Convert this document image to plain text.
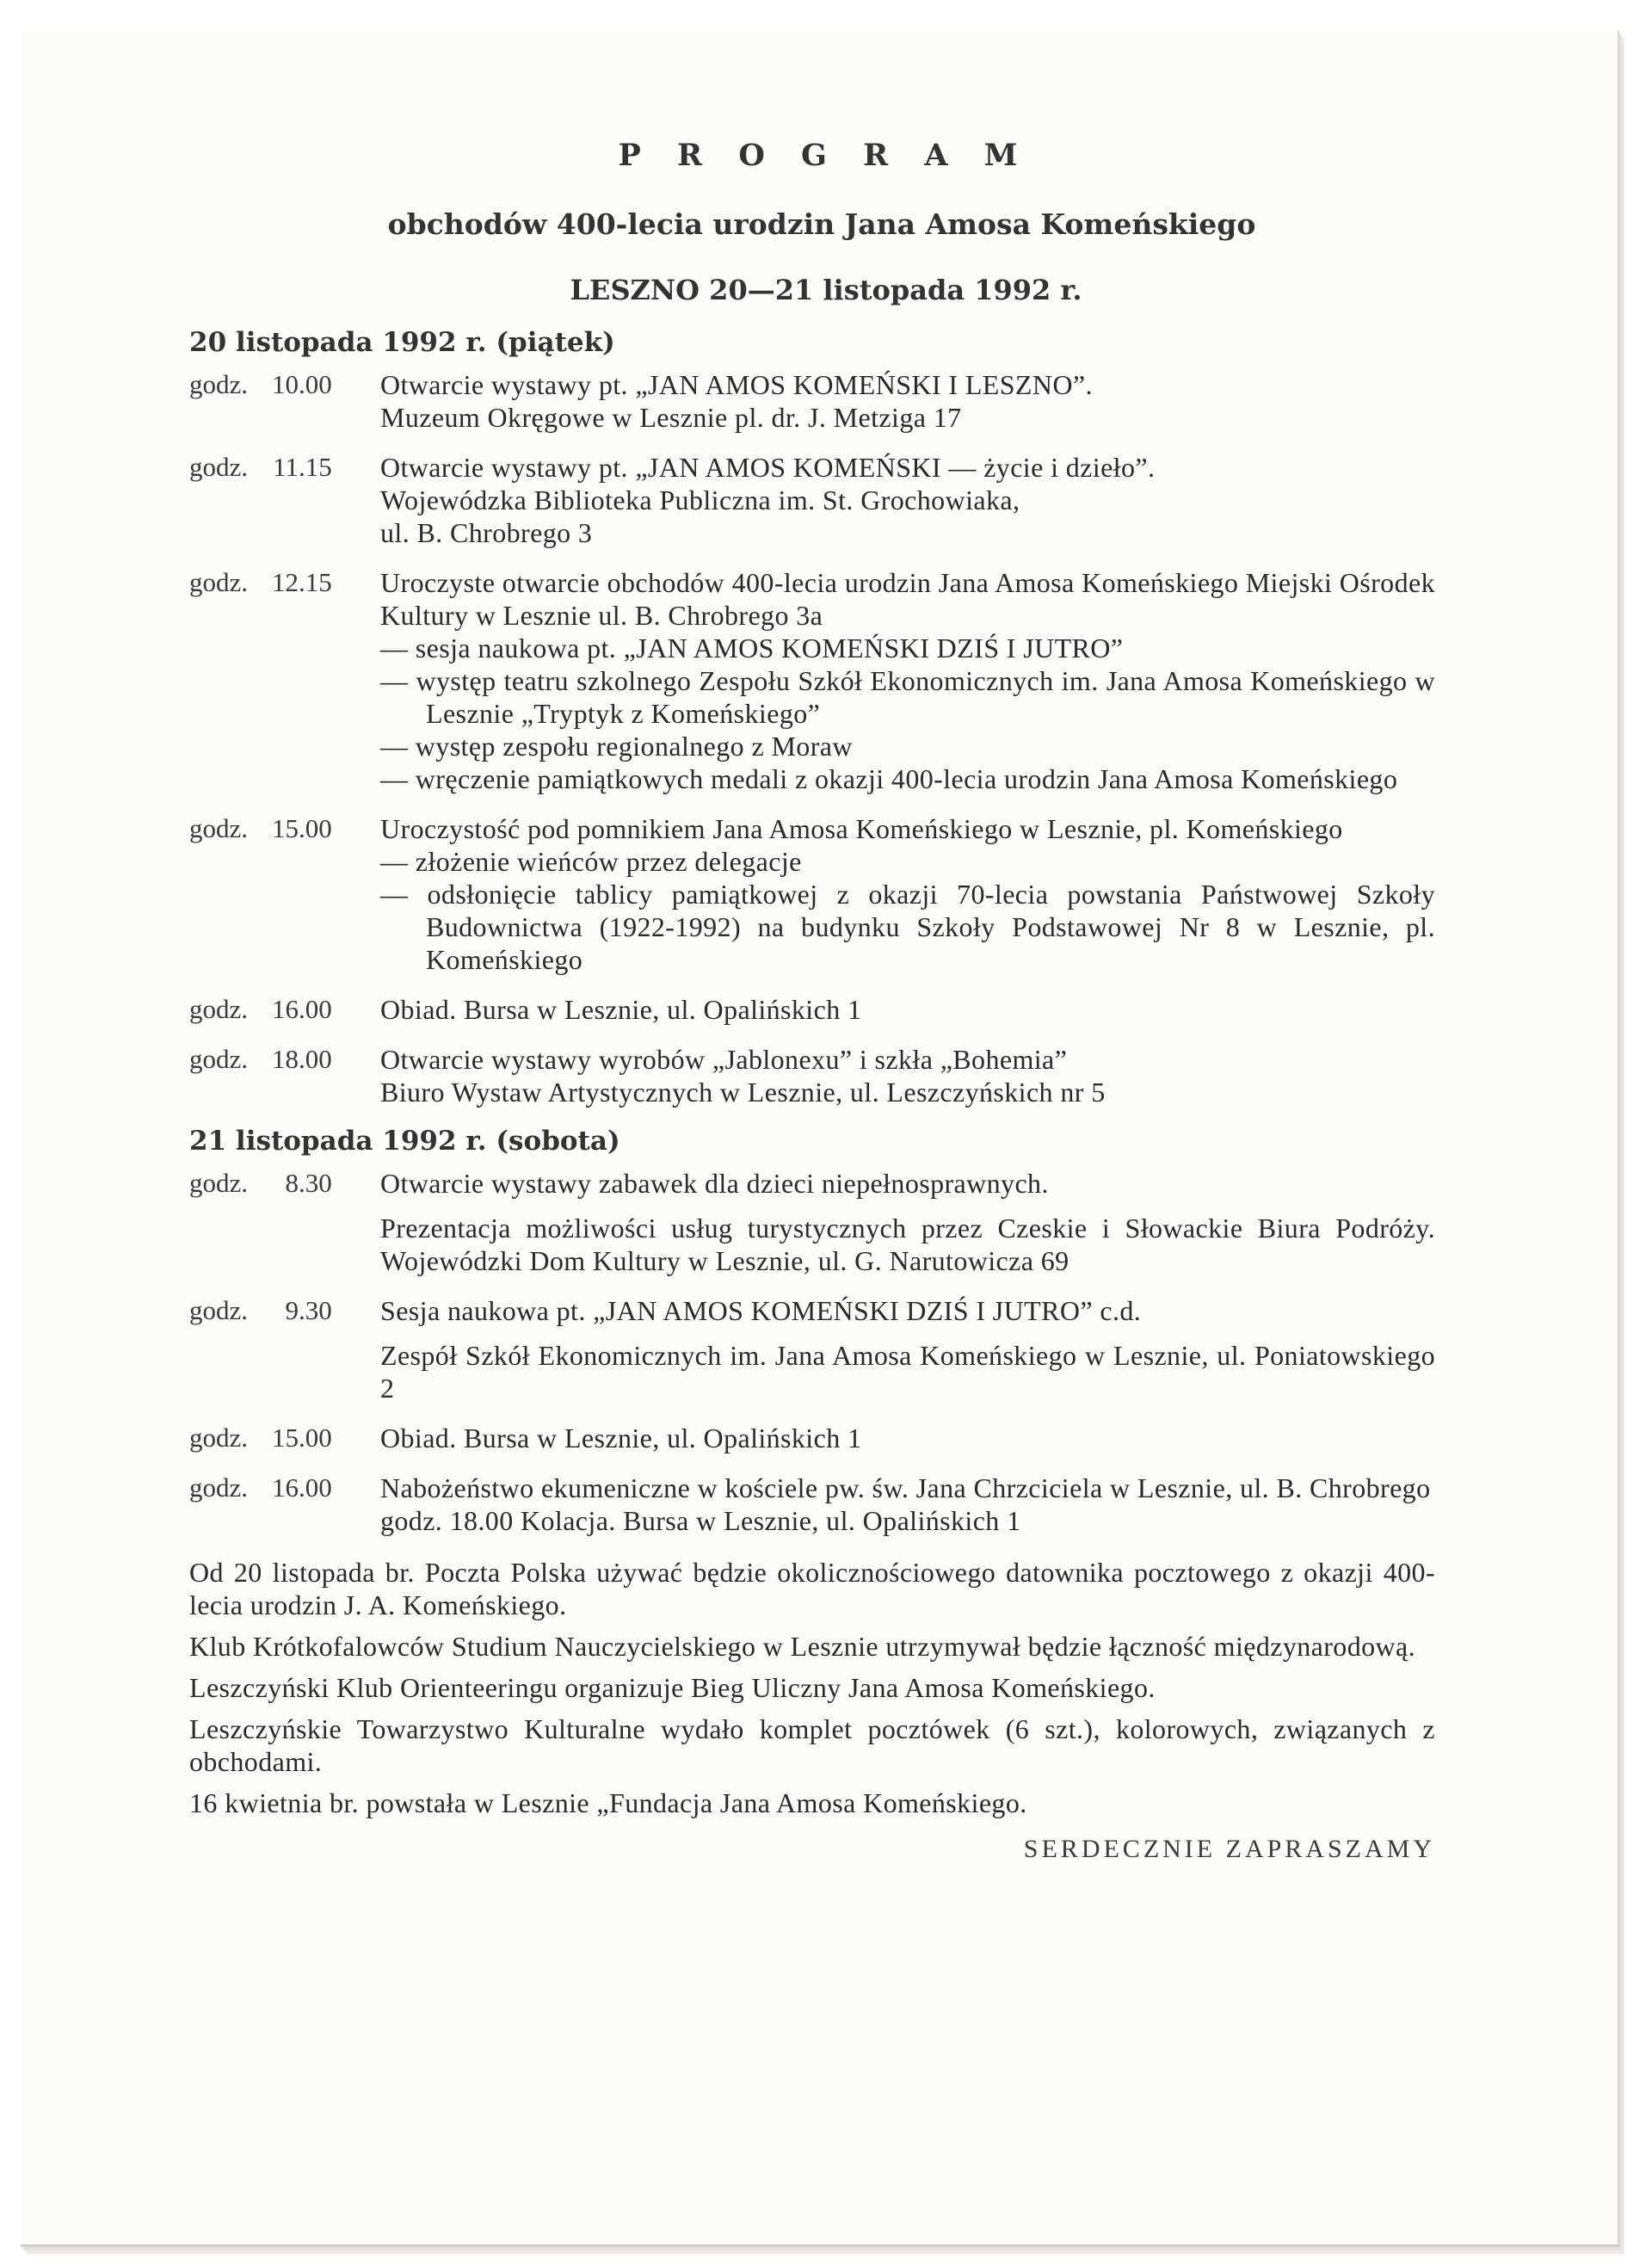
P R O G R A M
obchodów 400-lecia urodzin Jana Amosa Komeńskiego
LESZNO 20—21 listopada 1992 r.
20 listopada 1992 r. (piątek)
godz. 10.00	Otwarcie wystawy pt. „JAN AMOS KOMEŃSKI I LESZNO”.
Muzeum Okręgowe w Lesznie pl. dr. J. Metziga 17
godz. 11.15	Otwarcie wystawy pt. „JAN AMOS KOMEŃSKI — życie i dzieło”.
Wojewódzka Biblioteka Publiczna im. St. Grochowiaka,
ul. B. Chrobrego 3
godz. 12.15	Uroczyste otwarcie obchodów 400-lecia urodzin Jana Amosa Komeńskiego Miejski Ośrodek Kultury w Lesznie ul. B. Chrobrego 3a
— sesja naukowa pt. „JAN AMOS KOMEŃSKI DZIŚ I JUTRO”
— występ teatru szkolnego Zespołu Szkół Ekonomicznych im. Jana Amosa Komeńskiego w Lesznie „Tryptyk z Komeńskiego”
— występ zespołu regionalnego z Moraw
— wręczenie pamiątkowych medali z okazji 400-lecia urodzin Jana Amosa Komeńskiego
godz. 15.00	Uroczystość pod pomnikiem Jana Amosa Komeńskiego w Lesznie, pl. Komeńskiego
— złożenie wieńców przez delegacje
— odsłonięcie tablicy pamiątkowej z okazji 70-lecia powstania Państwowej Szkoły Budownictwa (1922-1992) na budynku Szkoły Podstawowej Nr 8 w Lesznie, pl. Komeńskiego
godz. 16.00	Obiad. Bursa w Lesznie, ul. Opalińskich 1
godz. 18.00	Otwarcie wystawy wyrobów „Jablonexu” i szkła „Bohemia”
Biuro Wystaw Artystycznych w Lesznie, ul. Leszczyńskich nr 5
21 listopada 1992 r. (sobota)
godz. 8.30	Otwarcie wystawy zabawek dla dzieci niepełnosprawnych.
Prezentacja możliwości usług turystycznych przez Czeskie i Słowackie Biura Podróży. Wojewódzki Dom Kultury w Lesznie, ul. G. Narutowicza 69
godz. 9.30	Sesja naukowa pt. „JAN AMOS KOMEŃSKI DZIŚ I JUTRO” c.d.
Zespół Szkół Ekonomicznych im. Jana Amosa Komeńskiego w Lesznie, ul. Poniatowskiego 2
godz. 15.00	Obiad. Bursa w Lesznie, ul. Opalińskich 1
godz. 16.00	Nabożeństwo ekumeniczne w kościele pw. św. Jana Chrzciciela w Lesznie, ul. B. Chrobrego
godz. 18.00 Kolacja. Bursa w Lesznie, ul. Opalińskich 1

Od 20 listopada br. Poczta Polska używać będzie okolicznościowego datownika pocztowego z okazji 400-lecia urodzin J. A. Komeńskiego.

Klub Krótkofalowców Studium Nauczycielskiego w Lesznie utrzymywał będzie łączność międzynarodową.

Leszczyński Klub Orienteeringu organizuje Bieg Uliczny Jana Amosa Komeńskiego.

Leszczyńskie Towarzystwo Kulturalne wydało komplet pocztówek (6 szt.), kolorowych, związanych z obchodami.

16 kwietnia br. powstała w Lesznie „Fundacja Jana Amosa Komeńskiego.

SERDECZNIE ZAPRASZAMY
